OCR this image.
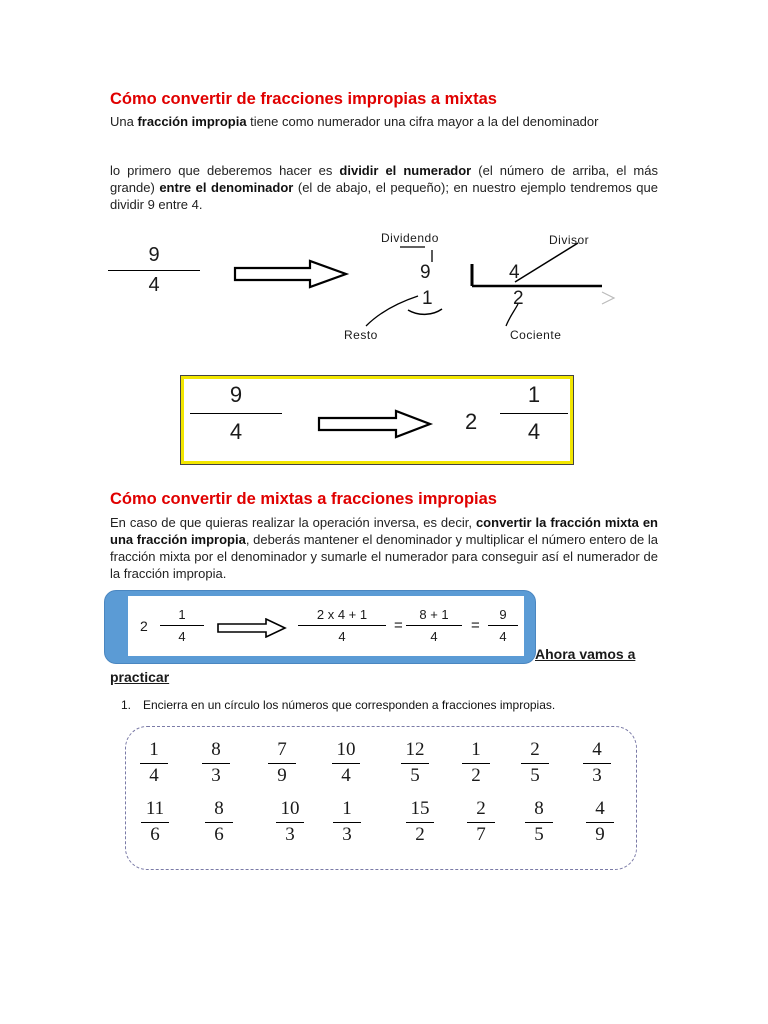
Cómo convertir de fracciones impropias a mixtas
Una fracción impropia tiene como numerador una cifra mayor a la del denominador
lo primero que deberemos hacer es dividir el numerador (el número de arriba, el más grande) entre el denominador (el de abajo, el pequeño); en nuestro ejemplo tendremos que dividir 9 entre 4.
9
4
Dividendo	Divisor
Resto	Cociente
9	4
1	2
9
4	2
1
4
Cómo convertir de mixtas a fracciones impropias
En caso de que quieras realizar la operación inversa, es decir, convertir la fracción mixta en una fracción impropia, deberás mantener el denominador y multiplicar el número entero de la fracción mixta por el denominador y sumarle el numerador para conseguir así el numerador de la fracción impropia.
2
1
4
2 x 4 + 1
4
=
8 + 1
4
=
9
4
Ahora vamos a
practicar
1. Encierra en un círculo los números que corresponden a fracciones impropias.
1
4
8
3
7
9
10
4
12
5
1
2
2
5
4
3
11
6
8
6
10
3
1
3
15
2
2
7
8
5
4
9
